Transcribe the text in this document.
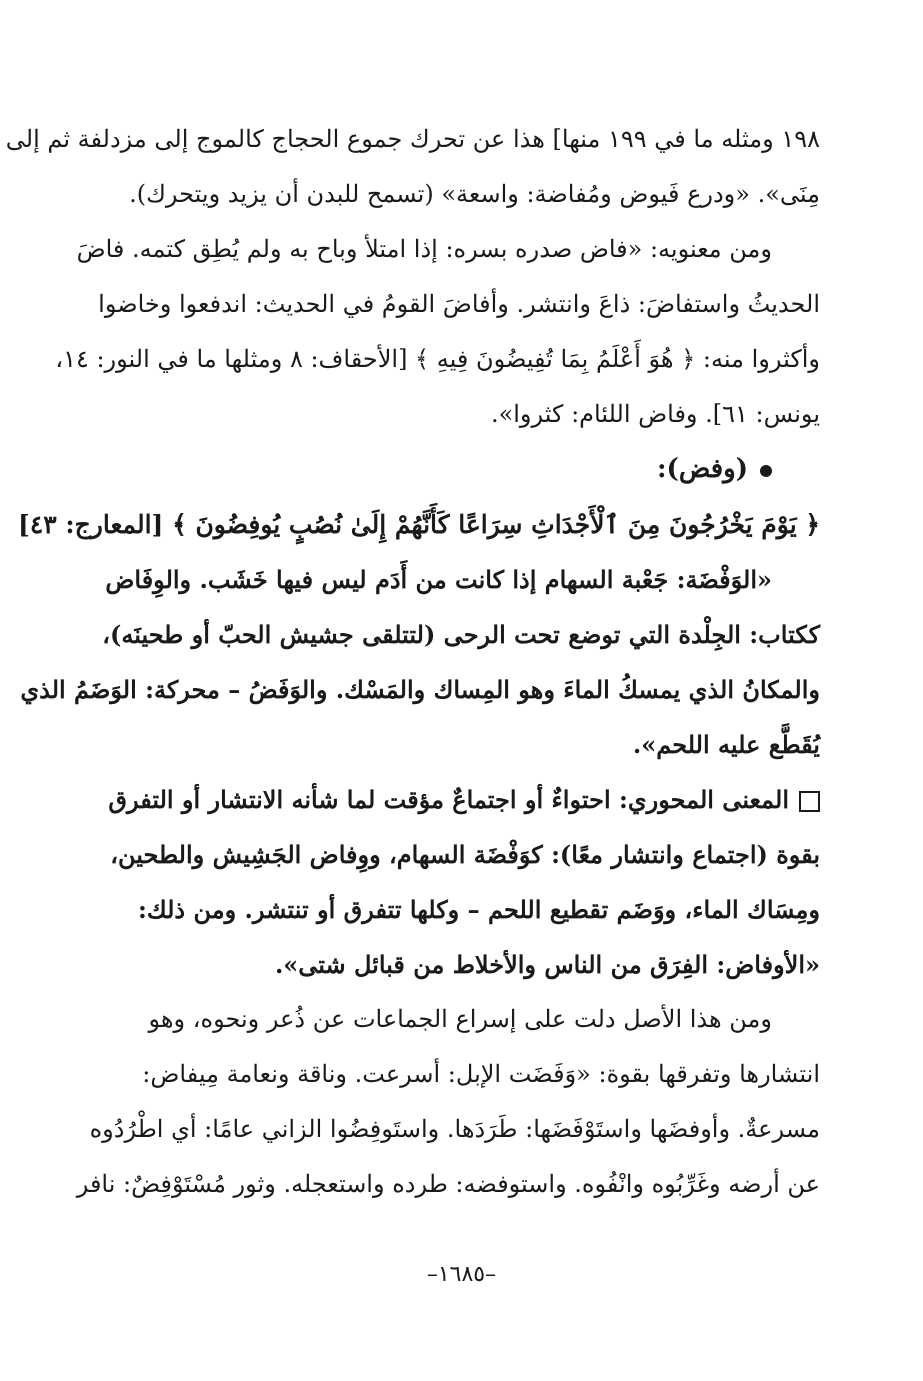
١٩٨ ومثله ما في ١٩٩ منها] هذا عن تحرك جموع الحجاج كالموج إلى مزدلفة ثم إلى
مِنَى». «ودرع فَيوض ومُفاضة: واسعة» (تسمح للبدن أن يزيد ويتحرك).
ومن معنويه: «فاض صدره بسره: إذا امتلأ وباح به ولم يُطِق كتمه. فاضَ
الحديثُ واستفاضَ: ذاعَ وانتشر. وأفاضَ القومُ في الحديث: اندفعوا وخاضوا
وأكثروا منه: ﴿ هُوَ أَعْلَمُ بِمَا تُفِيضُونَ فِيهِ ﴾ [الأحقاف: ٨ ومثلها ما في النور: ١٤،
يونس: ٦١]. وفاض اللئام: كثروا».
(وفض):
﴿ يَوْمَ يَخْرُجُونَ مِنَ ٱلْأَجْدَاثِ سِرَاعًا كَأَنَّهُمْ إِلَىٰ نُصُبٍ يُوفِضُونَ ﴾ [المعارج: ٤٣]
«الوَفْضَة: جَعْبة السهام إذا كانت من أَدَم ليس فيها خَشَب. والوِفَاض
ككتاب: الجِلْدة التي توضع تحت الرحى (لتتلقى جشيش الحبّ أو طحينَه)،
والمكانُ الذي يمسكُ الماءَ وهو المِساك والمَسْك. والوَفَضُ – محركة: الوَضَمُ الذي
يُقَطَّع عليه اللحم».
المعنى المحوري: احتواءٌ أو اجتماعٌ مؤقت لما شأنه الانتشار أو التفرق
بقوة (اجتماع وانتشار معًا): كوَفْضَة السهام، ووِفاض الجَشِيش والطحين،
ومِسَاك الماء، ووَضَم تقطيع اللحم – وكلها تتفرق أو تنتشر. ومن ذلك:
«الأوفاض: الفِرَق من الناس والأخلاط من قبائل شتى».
ومن هذا الأصل دلت على إسراع الجماعات عن ذُعر ونحوه، وهو
انتشارها وتفرقها بقوة: «وَفَضَت الإبل: أسرعت. وناقة ونعامة مِيفاض:
مسرعةٌ. وأوفضَها واستَوْفَضَها: طَرَدَها. واستَوفِضُوا الزاني عامًا: أي اطْرُدُوه
عن أرضه وغَرِّبُوه وانْفُوه. واستوفضه: طرده واستعجله. وثور مُسْتَوْفِضٌ: نافر
–١٦٨٥–
